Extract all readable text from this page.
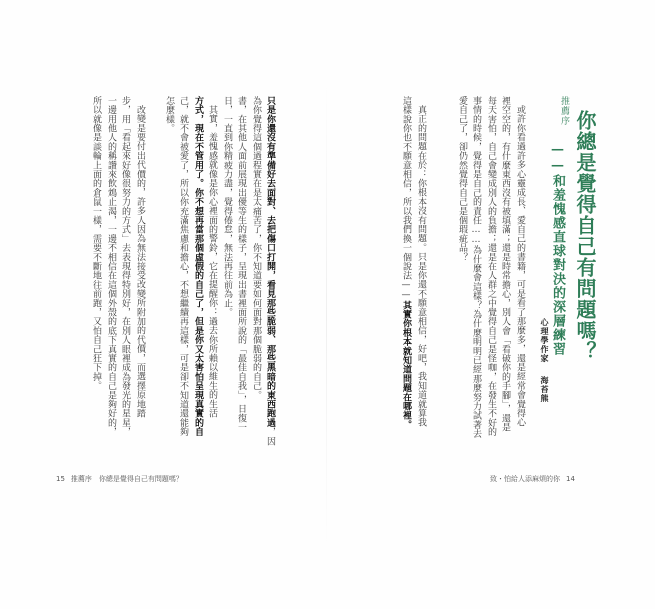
推薦序 你總是覺得自己有問題嗎？
——和羞愧感直球對決的深層練習
心理學作家
海苔熊
或許你看過許多心靈成長、愛自己的書籍，可是看了那麼多，還是經常會覺得心
裡空空的，有什麼東西沒有被填滿；還是時常擔心，別人會「看破你的手腳」，還是
每天害怕，自己會變成別人的負擔；還是在人群之中覺得自己是怪咖，在發生不好的
事情的時候，覺得是自己的責任……為什麼會這樣？為什麼明明已經那麼努力試著去
愛自己了，卻仍然覺得自己是個瑕疵品？
真正的問題在於：你根本沒有問題。只是你還不願意相信，好吧，我知道就算我
這樣說你也不願意相信，所以我們換一個說法——其實你根本就知道問題在哪裡。
只是你還沒有準備好去面對、去把傷口打開，看見那些脆弱、那些黑暗的東西跑過，因
為你覺得這個過程實在是太痛苦了，你不知道要如何面對那個脆弱的自己。
書，在其他人面前展現出優等生的樣子，呈現出書裡面所說的「最佳自我」，日復一
日，一直到你精疲力盡，覺得倦怠，無法再往前為止。
其實，羞愧感就像是你心裡面的警鈴，它在提醒你：過去你所賴以維生的生活
方式，現在不管用了。你不想再當那個虛假的自己了，但是你又太害怕呈現真實的自
己，就不會被愛了，所以你充滿焦慮和擔心，不想繼續再這樣，可是卻不知道還能夠
怎麼樣。
改變是要付出代價的，許多人因為無法接受改變所附加的代價，而選擇原地踏
步，用「看起來好像很努力的方式」去表現得特別好，在別人眼裡成為發光的星星，
一邊用他人的稱讚來飲鴆止渴，一邊不相信在這個外殼的底下真實的自己是夠好的，
所以就像是談輪上面的倉鼠一樣，需要不斷地往前跑，又怕自己狂下掉。
15 推薦序　你總是覺得自己有問題嗎？	致・怕給人添麻煩的你 14
